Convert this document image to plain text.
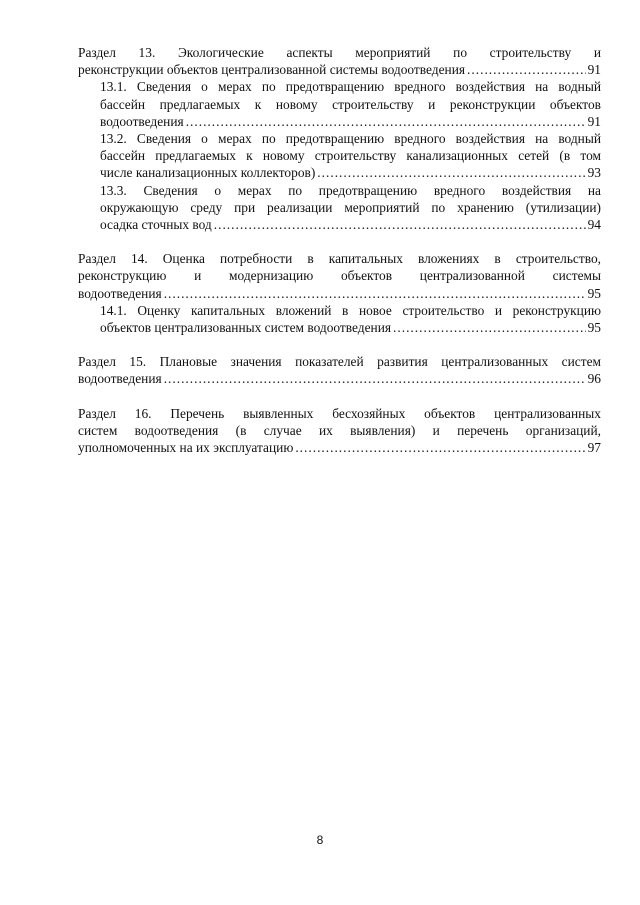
Раздел 13. Экологические аспекты мероприятий по строительству и
реконструкции объектов централизованной системы водоотведения .....	91
13.1. Сведения о мерах по предотвращению вредного воздействия на водный
бассейн предлагаемых к новому строительству и реконструкции объектов
водоотведения .....	91
13.2. Сведения о мерах по предотвращению вредного воздействия на водный
бассейн предлагаемых к новому строительству канализационных сетей (в том
числе канализационных коллекторов) .....	93
13.3. Сведения о мерах по предотвращению вредного воздействия на
окружающую среду при реализации мероприятий по хранению (утилизации)
осадка сточных вод .....	94
Раздел 14. Оценка потребности в капитальных вложениях в строительство,
реконструкцию и модернизацию объектов централизованной системы
водоотведения .....	95
14.1. Оценку капитальных вложений в новое строительство и реконструкцию
объектов централизованных систем водоотведения .....	95
Раздел 15. Плановые значения показателей развития централизованных систем
водоотведения .....	96
Раздел 16. Перечень выявленных бесхозяйных объектов централизованных
систем водоотведения (в случае их выявления) и перечень организаций,
уполномоченных на их эксплуатацию .....	97
8
